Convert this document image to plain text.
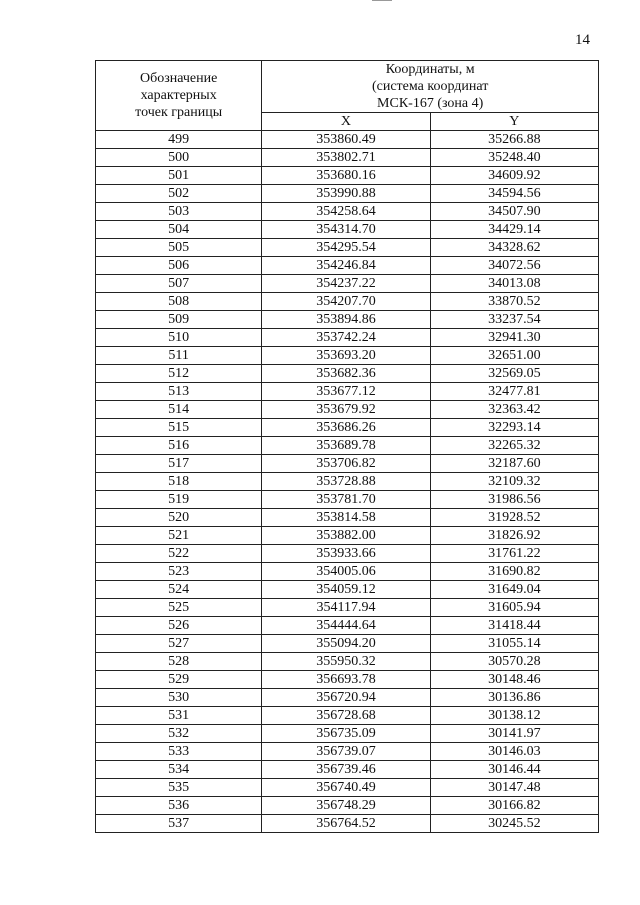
14
Обозначение
характерных
точек границы	Координаты, м
(система координат
МСК-167 (зона 4)	

	X	Y
499	353860.49	35266.88
500	353802.71	35248.40
501	353680.16	34609.92
502	353990.88	34594.56
503	354258.64	34507.90
504	354314.70	34429.14
505	354295.54	34328.62
506	354246.84	34072.56
507	354237.22	34013.08
508	354207.70	33870.52
509	353894.86	33237.54
510	353742.24	32941.30
511	353693.20	32651.00
512	353682.36	32569.05
513	353677.12	32477.81
514	353679.92	32363.42
515	353686.26	32293.14
516	353689.78	32265.32
517	353706.82	32187.60
518	353728.88	32109.32
519	353781.70	31986.56
520	353814.58	31928.52
521	353882.00	31826.92
522	353933.66	31761.22
523	354005.06	31690.82
524	354059.12	31649.04
525	354117.94	31605.94
526	354444.64	31418.44
527	355094.20	31055.14
528	355950.32	30570.28
529	356693.78	30148.46
530	356720.94	30136.86
531	356728.68	30138.12
532	356735.09	30141.97
533	356739.07	30146.03
534	356739.46	30146.44
535	356740.49	30147.48
536	356748.29	30166.82
537	356764.52	30245.52
